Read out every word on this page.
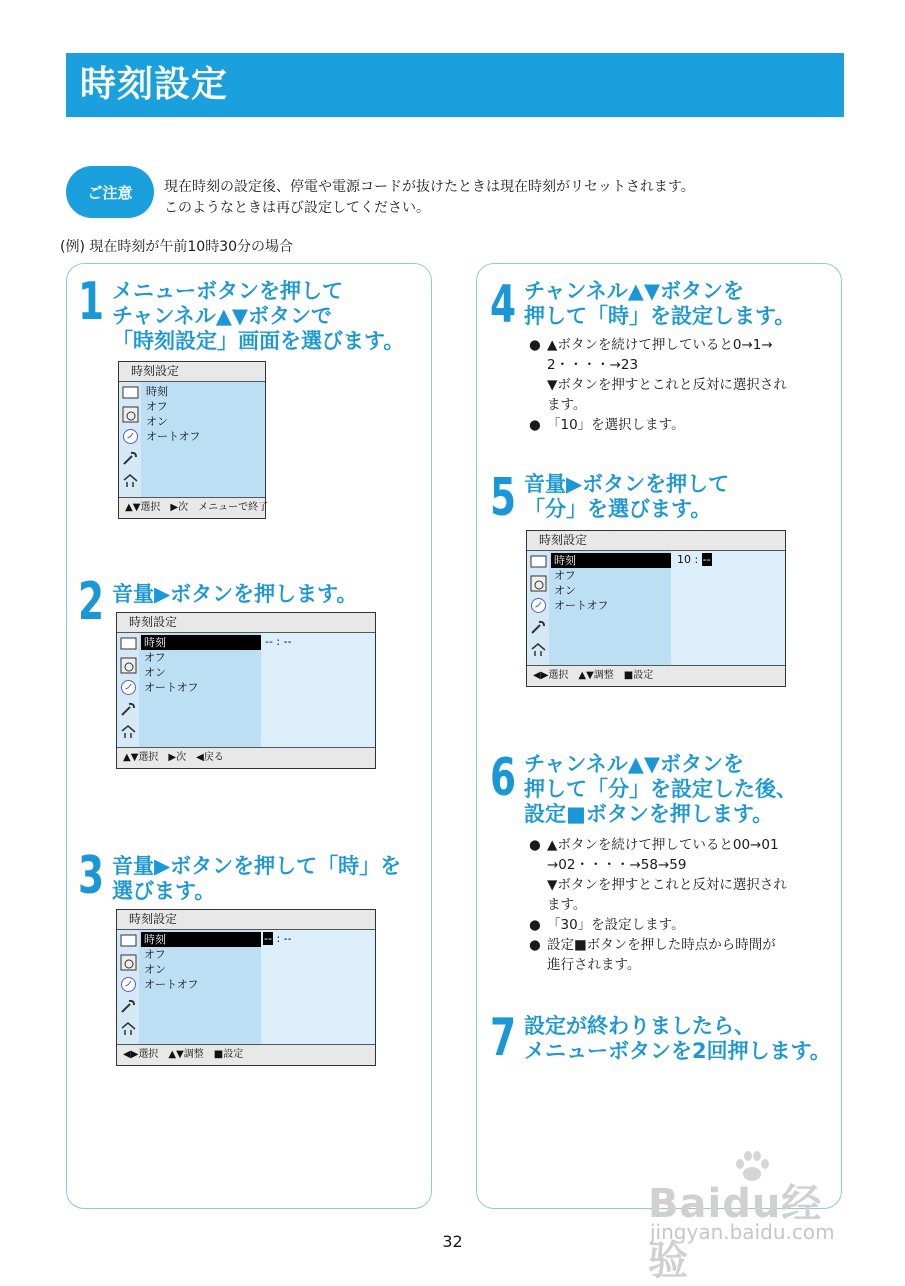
時刻設定
ご注意	現在時刻の設定後、停電や電源コードが抜けたときは現在時刻がリセットされます。
このようなときは再び設定してください。
(例) 現在時刻が午前10時30分の場合
1 メニューボタンを押して
チャンネル▲▼ボタンで
「時刻設定」画面を選びます。
時刻設定
時刻
オフ
オン
オートオフ
▲▼選択　▶次　メニューで終了
2 音量▶ボタンを押します。
時刻設定
時刻
オフ
オン
オートオフ
-- : --
▲▼選択　▶次　◀戻る
3 音量▶ボタンを押して「時」を
選びます。
時刻設定
時刻
オフ
オン
オートオフ
-- : --
◀▶選択　▲▼調整　■設定
4 チャンネル▲▼ボタンを
押して「時」を設定します。
● ▲ボタンを続けて押していると0→1→
2・・・・→23
▼ボタンを押すとこれと反対に選択され
ます。
● 「10」を選択します。
5 音量▶ボタンを押して
「分」を選びます。
時刻設定
時刻
オフ
オン
オートオフ
10 : --
◀▶選択　▲▼調整　■設定
6 チャンネル▲▼ボタンを
押して「分」を設定した後、
設定■ボタンを押します。
● ▲ボタンを続けて押していると00→01
→02・・・・→58→59
▼ボタンを押すとこれと反対に選択され
ます。
● 「30」を設定します。
● 設定■ボタンを押した時点から時間が
進行されます。
7 設定が終わりましたら、
メニューボタンを2回押します。
Baidu经验
jingyan.baidu.com
32
